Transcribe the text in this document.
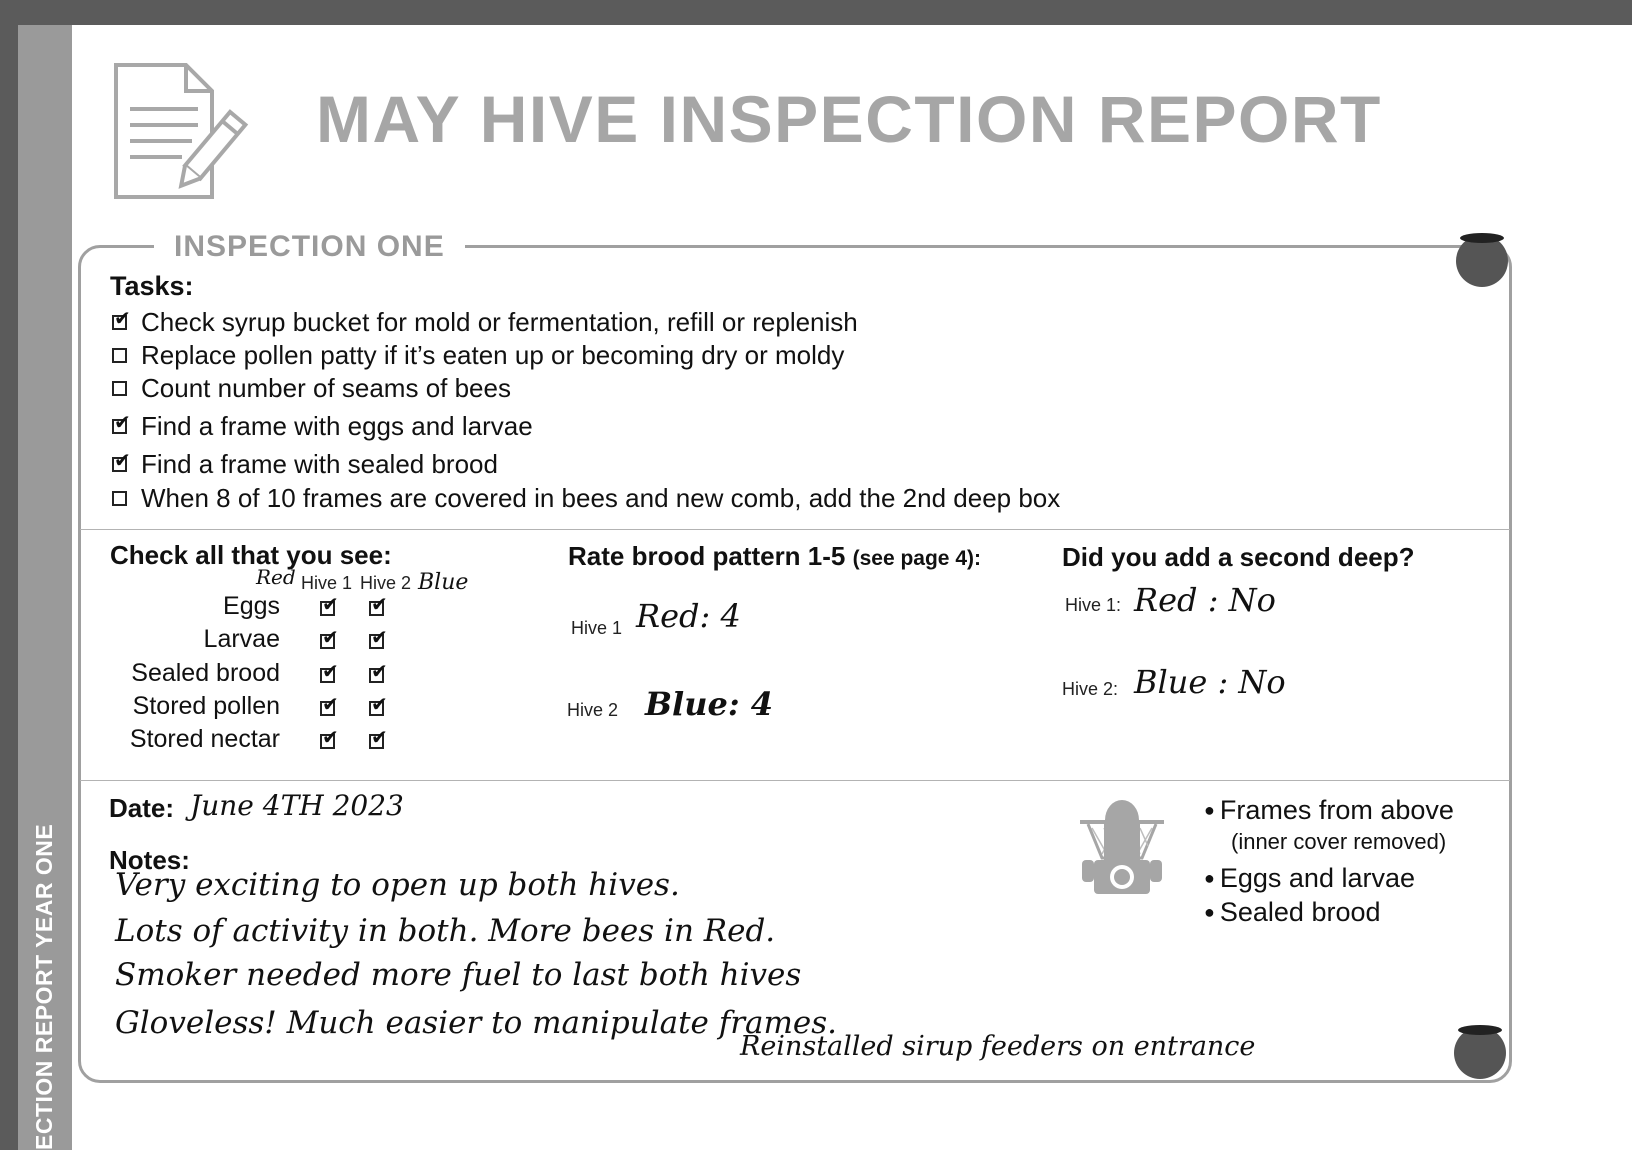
ECTION REPORT YEAR ONE
MAY HIVE INSPECTION REPORT
INSPECTION ONE
Tasks:
✔Check syrup bucket for mold or fermentation, refill or replenish
Replace pollen patty if it’s eaten up or becoming dry or moldy
Count number of seams of bees
✔Find a frame with eggs and larvae
✔Find a frame with sealed brood
When 8 of 10 frames are covered in bees and new comb, add the 2nd deep box
Check all that you see:
Red Hive 1 Hive 2 Blue
Eggs
✔
✔
Larvae
✔
✔
Sealed brood
✔
✔
Stored pollen
✔
✔
Stored nectar
✔
✔
Rate brood pattern 1-5 (see page 4):
Hive 1 Red: 4
Hive 2 Blue: 4
Did you add a second deep?
Hive 1: Red : No
Hive 2: Blue : No
Date: June 4TH 2023
Notes:
Very exciting to open up both hives.
Lots of activity in both. More bees in Red.
Smoker needed more fuel to last both hives
Gloveless! Much easier to manipulate frames.
Reinstalled sirup feeders on entrance
● Frames from above
(inner cover removed)
● Eggs and larvae
● Sealed brood
